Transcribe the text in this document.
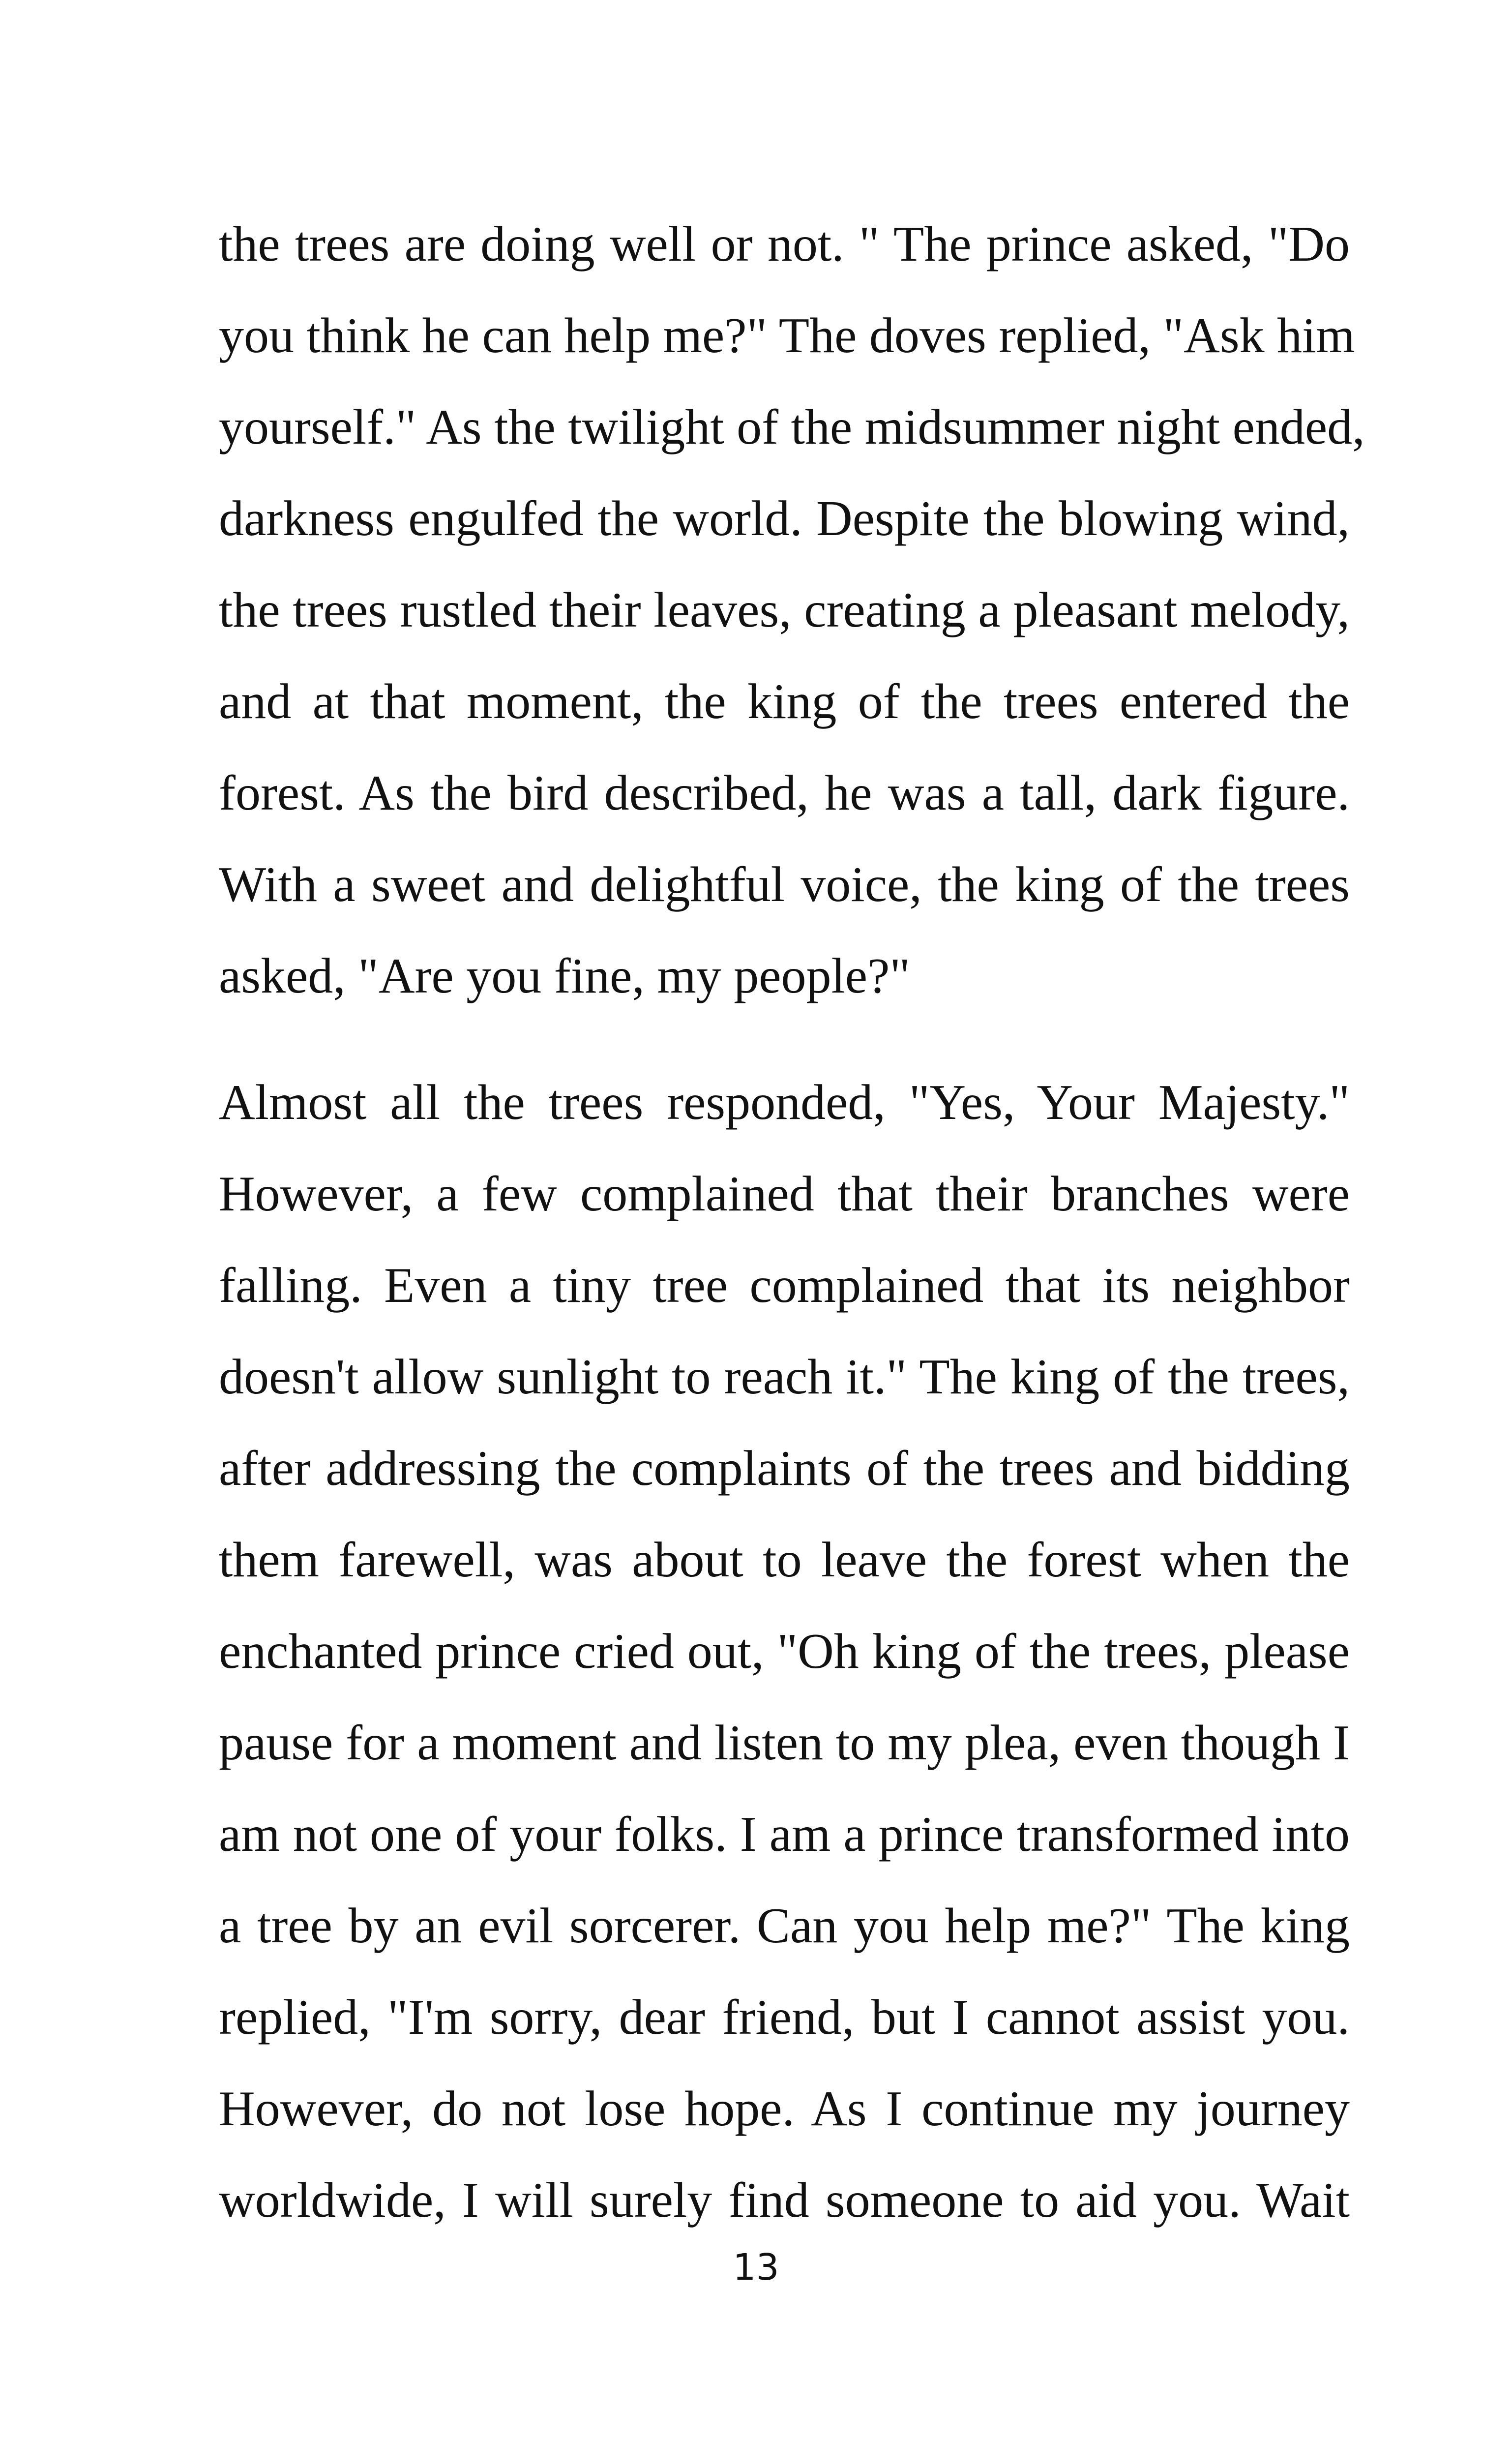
the trees are doing well or not. " The prince asked, "Do
you think he can help me?" The doves replied, "Ask him
yourself." As the twilight of the midsummer night ended,
darkness engulfed the world. Despite the blowing wind,
the trees rustled their leaves, creating a pleasant melody,
and at that moment, the king of the trees entered the
forest. As the bird described, he was a tall, dark figure.
With a sweet and delightful voice, the king of the trees
asked, "Are you fine, my people?"
Almost all the trees responded, "Yes, Your Majesty."
However, a few complained that their branches were
falling. Even a tiny tree complained that its neighbor
doesn't allow sunlight to reach it." The king of the trees,
after addressing the complaints of the trees and bidding
them farewell, was about to leave the forest when the
enchanted prince cried out, "Oh king of the trees, please
pause for a moment and listen to my plea, even though I
am not one of your folks. I am a prince transformed into
a tree by an evil sorcerer. Can you help me?" The king
replied, "I'm sorry, dear friend, but I cannot assist you.
However, do not lose hope. As I continue my journey
worldwide, I will surely find someone to aid you. Wait
13
